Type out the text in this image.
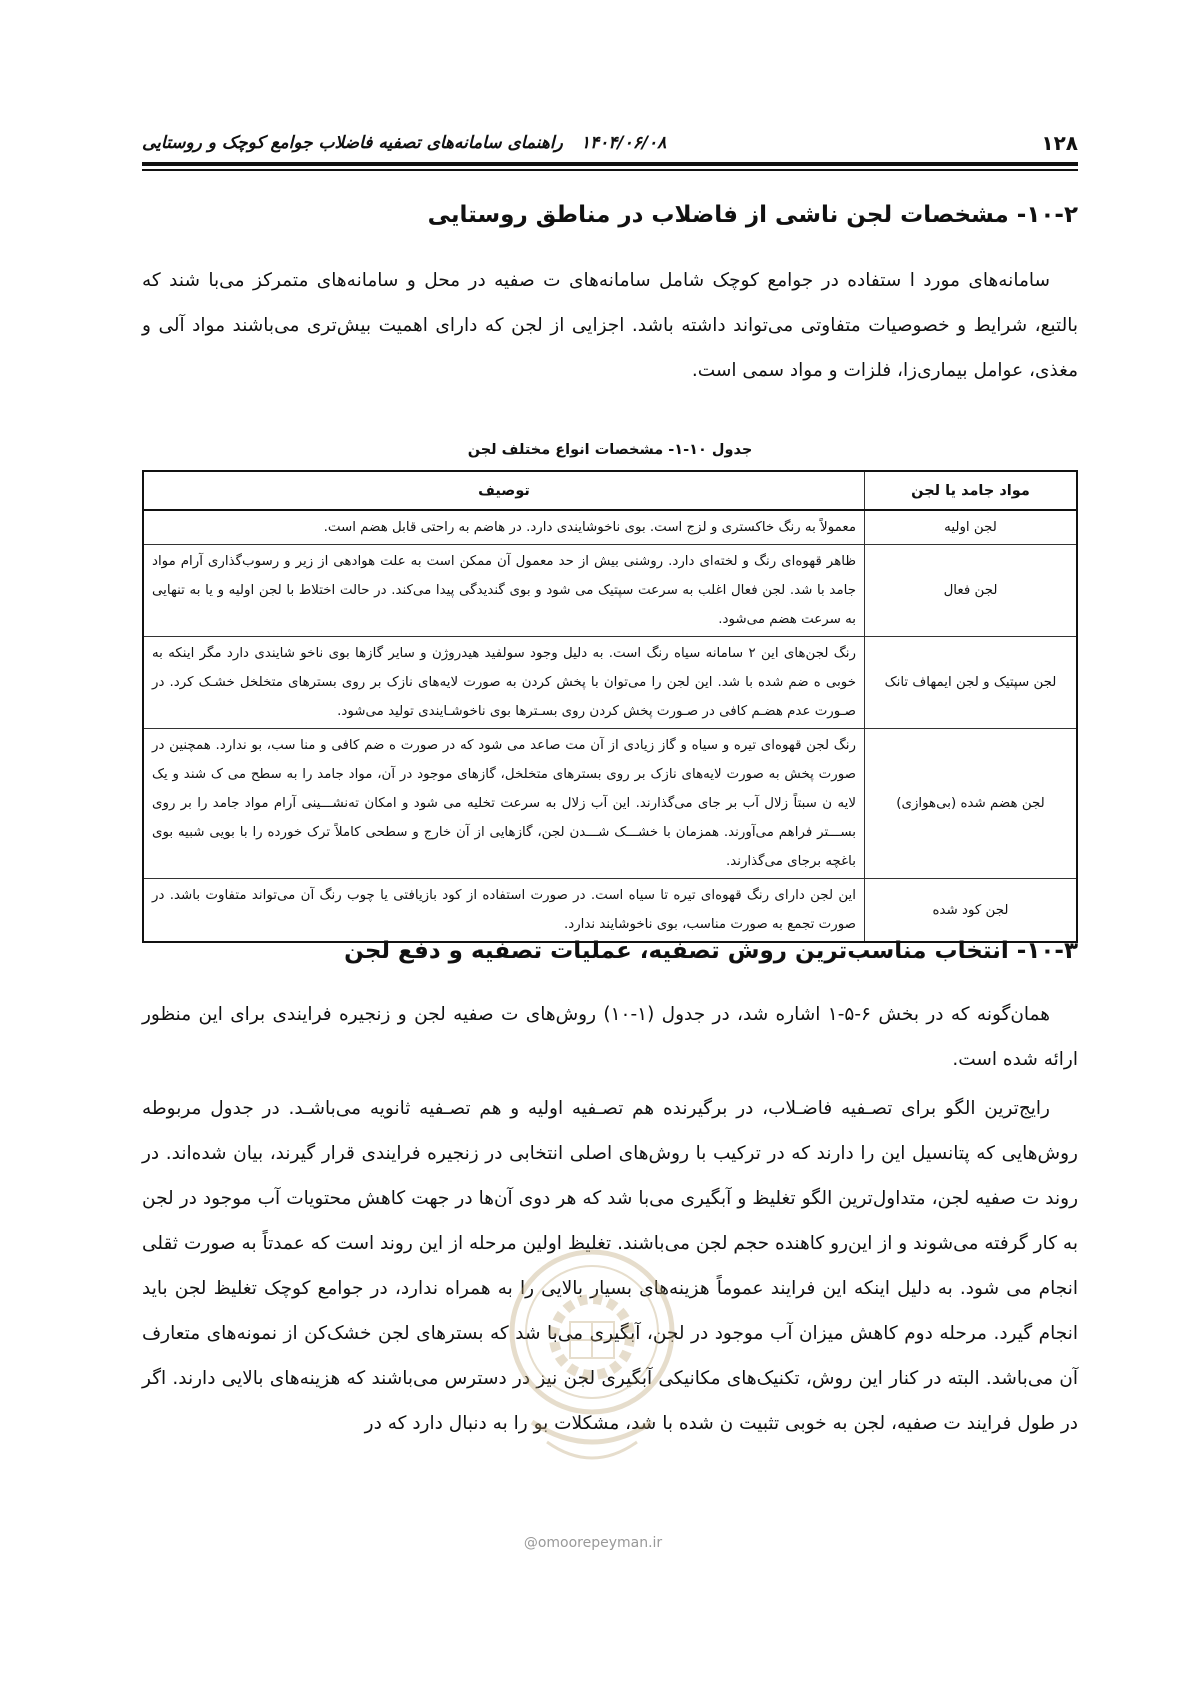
۱۲۸
۱۴۰۴/۰۶/۰۸
راهنمای سامانه‌های تصفیه فاضلاب جوامع کوچک و روستایی
۱۰-۲- مشخصات لجن ناشی از فاضلاب در مناطق روستایی

سامانه‌های مورد ا ستفاده در جوامع کوچک شامل سامانه‌های ت صفیه در محل و سامانه‌های متمرکز می‌با شند که بالتبع، شرایط و خصوصیات متفاوتی می‌تواند داشته باشد. اجزایی از لجن که دارای اهمیت بیش‌تری می‌باشند مواد آلی و مغذی، عوامل بیماری‌زا، فلزات و مواد سمی است.

جدول ۱۰-۱- مشخصات انواع مختلف لجن
مواد جامد یا لجن	توصیف
لجن اولیه	معمولاً به رنگ خاکستری و لزج است. بوی ناخوشایندی دارد. در هاضم به راحتی قابل هضم است.
لجن فعال	ظاهر قهوه‌ای رنگ و لخته‌ای دارد. روشنی بیش از حد معمول آن ممکن است به علت هوادهی از زیر و رسوب‌گذاری آرام مواد جامد با شد. لجن فعال اغلب به سرعت سپتیک می شود و بوی گندیدگی پیدا می‌کند. در حالت اختلاط با لجن اولیه و یا به تنهایی به سرعت هضم می‌شود.
لجن سپتیک و لجن ایمهاف تانک	رنگ لجن‌های این ۲ سامانه سیاه رنگ است. به دلیل وجود سولفید هیدروژن و سایر گازها بوی ناخو شایندی دارد مگر اینکه به خوبی ه ضم شده با شد. این لجن را می‌توان با پخش کردن به صورت لایه‌های نازک بر روی بسترهای متخلخل خشـک کرد. در صـورت عدم هضـم کافی در صـورت پخش کردن روی بسـترها بوی ناخوشـایندی تولید می‌شود.
لجن هضم شده (بی‌هوازی)	رنگ لجن قهوه‌ای تیره و سیاه و گاز زیادی از آن مت صاعد می شود که در صورت ه ضم کافی و منا سب، بو ندارد. همچنین در صورت پخش به صورت لایه‌های نازک بر روی بسترهای متخلخل، گازهای موجود در آن، مواد جامد را به سطح می ک شند و یک لایه ن سبتاً زلال آب بر جای می‌گذارند. این آب زلال به سرعت تخلیه می شود و امکان تەنشـــینی آرام مواد جامد را بر روی بســـتر فراهم می‌آورند. همزمان با خشـــک شـــدن لجن، گازهایی از آن خارج و سطحی کاملاً ترک خورده را با بویی شبیه بوی باغچه برجای می‌گذارند.
لجن کود شده	این لجن دارای رنگ قهوه‌ای تیره تا سیاه است. در صورت استفاده از کود بازیافتی یا چوب رنگ آن می‌تواند متفاوت باشد. در صورت تجمع به صورت مناسب، بوی ناخوشایند ندارد.
۱۰-۳- انتخاب مناسب‌ترین روش تصفیه، عملیات تصفیه و دفع لجن

همان‌گونه که در بخش ۶-۵-۱ اشاره شد، در جدول (۱-۱۰) روش‌های ت صفیه لجن و زنجیره فرایندی برای این منظور ارائه شده است.

رایج‌ترین الگو برای تصـفیه فاضـلاب، در برگیرنده هم تصـفیه اولیه و هم تصـفیه ثانویه می‌باشـد. در جدول مربوطه روش‌هایی که پتانسیل این را دارند که در ترکیب با روش‌های اصلی انتخابی در زنجیره فرایندی قرار گیرند، بیان شده‌اند. در روند ت صفیه لجن، متداول‌ترین الگو تغلیظ و آبگیری می‌با شد که هر دوی آن‌ها در جهت کاهش محتویات آب موجود در لجن به کار گرفته می‌شوند و از این‌رو کاهنده حجم لجن می‌باشند. تغلیظ اولین مرحله از این روند است که عمدتاً به صورت ثقلی انجام می شود. به دلیل اینکه این فرایند عموماً هزینه‌های بسیار بالایی را به همراه ندارد، در جوامع کوچک تغلیظ لجن باید انجام گیرد. مرحله دوم کاهش میزان آب موجود در لجن، آبگیری می‌با شد که بسترهای لجن خشک‌کن از نمونه‌های متعارف آن می‌باشد. البته در کنار این روش، تکنیک‌های مکانیکی آبگیری لجن نیز در دسترس می‌باشند که هزینه‌های بالایی دارند. اگر در طول فرایند ت صفیه، لجن به خوبی تثبیت ن شده با شد، مشکلات بو را به دنبال دارد که در

@omoorepeyman.ir
